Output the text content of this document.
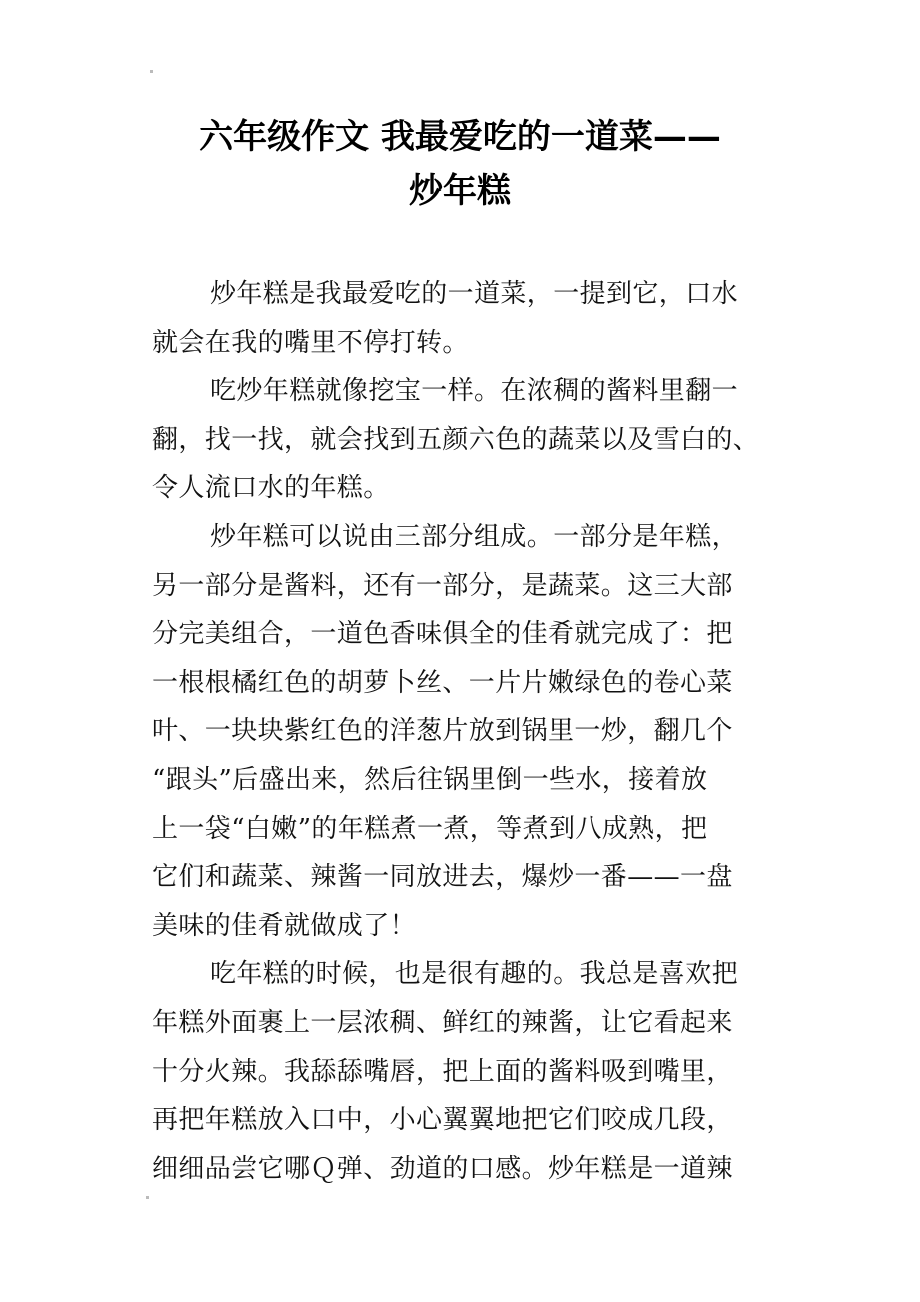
六年级作文 我最爱吃的一道菜——
炒年糕

炒年糕是我最爱吃的一道菜，一提到它，口水
就会在我的嘴里不停打转。

吃炒年糕就像挖宝一样。在浓稠的酱料里翻一
翻，找一找，就会找到五颜六色的蔬菜以及雪白的、
令人流口水的年糕。

炒年糕可以说由三部分组成。一部分是年糕，
另一部分是酱料，还有一部分，是蔬菜。这三大部
分完美组合，一道色香味俱全的佳肴就完成了：把
一根根橘红色的胡萝卜丝、一片片嫩绿色的卷心菜
叶、一块块紫红色的洋葱片放到锅里一炒，翻几个
“跟头”后盛出来，然后往锅里倒一些水，接着放
上一袋“白嫩”的年糕煮一煮，等煮到八成熟，把
它们和蔬菜、辣酱一同放进去，爆炒一番——一盘
美味的佳肴就做成了！

吃年糕的时候，也是很有趣的。我总是喜欢把
年糕外面裹上一层浓稠、鲜红的辣酱，让它看起来
十分火辣。我舔舔嘴唇，把上面的酱料吸到嘴里，
再把年糕放入口中，小心翼翼地把它们咬成几段，
细细品尝它哪Ｑ弹、劲道的口感。炒年糕是一道辣
